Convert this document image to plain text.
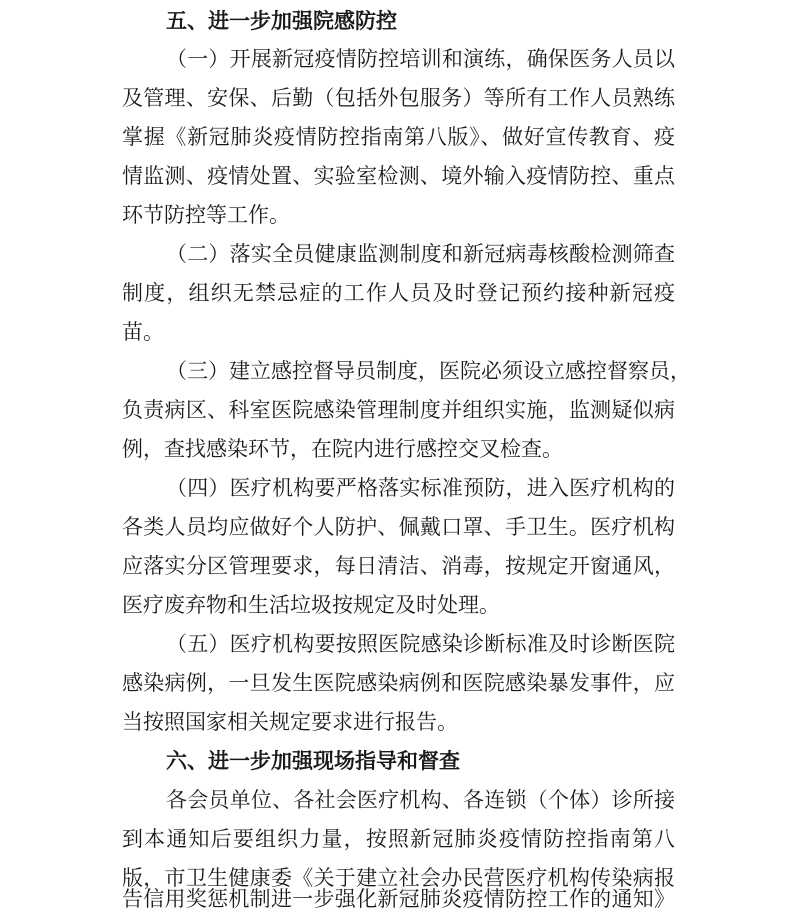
五、进一步加强院感防控
（一）开展新冠疫情防控培训和演练，确保医务人员以
及管理、安保、后勤（包括外包服务）等所有工作人员熟练
掌握《新冠肺炎疫情防控指南第八版》、做好宣传教育、疫
情监测、疫情处置、实验室检测、境外输入疫情防控、重点
环节防控等工作。
（二）落实全员健康监测制度和新冠病毒核酸检测筛查
制度，组织无禁忌症的工作人员及时登记预约接种新冠疫
苗。
（三）建立感控督导员制度，医院必须设立感控督察员，
负责病区、科室医院感染管理制度并组织实施，监测疑似病
例，查找感染环节，在院内进行感控交叉检查。
（四）医疗机构要严格落实标准预防，进入医疗机构的
各类人员均应做好个人防护、佩戴口罩、手卫生。医疗机构
应落实分区管理要求，每日清洁、消毒，按规定开窗通风，
医疗废弃物和生活垃圾按规定及时处理。
（五）医疗机构要按照医院感染诊断标准及时诊断医院
感染病例，一旦发生医院感染病例和医院感染暴发事件，应
当按照国家相关规定要求进行报告。
六、进一步加强现场指导和督查
各会员单位、各社会医疗机构、各连锁（个体）诊所接
到本通知后要组织力量，按照新冠肺炎疫情防控指南第八
版，市卫生健康委《关于建立社会办民营医疗机构传染病报
告信用奖惩机制进一步强化新冠肺炎疫情防控工作的通知》
